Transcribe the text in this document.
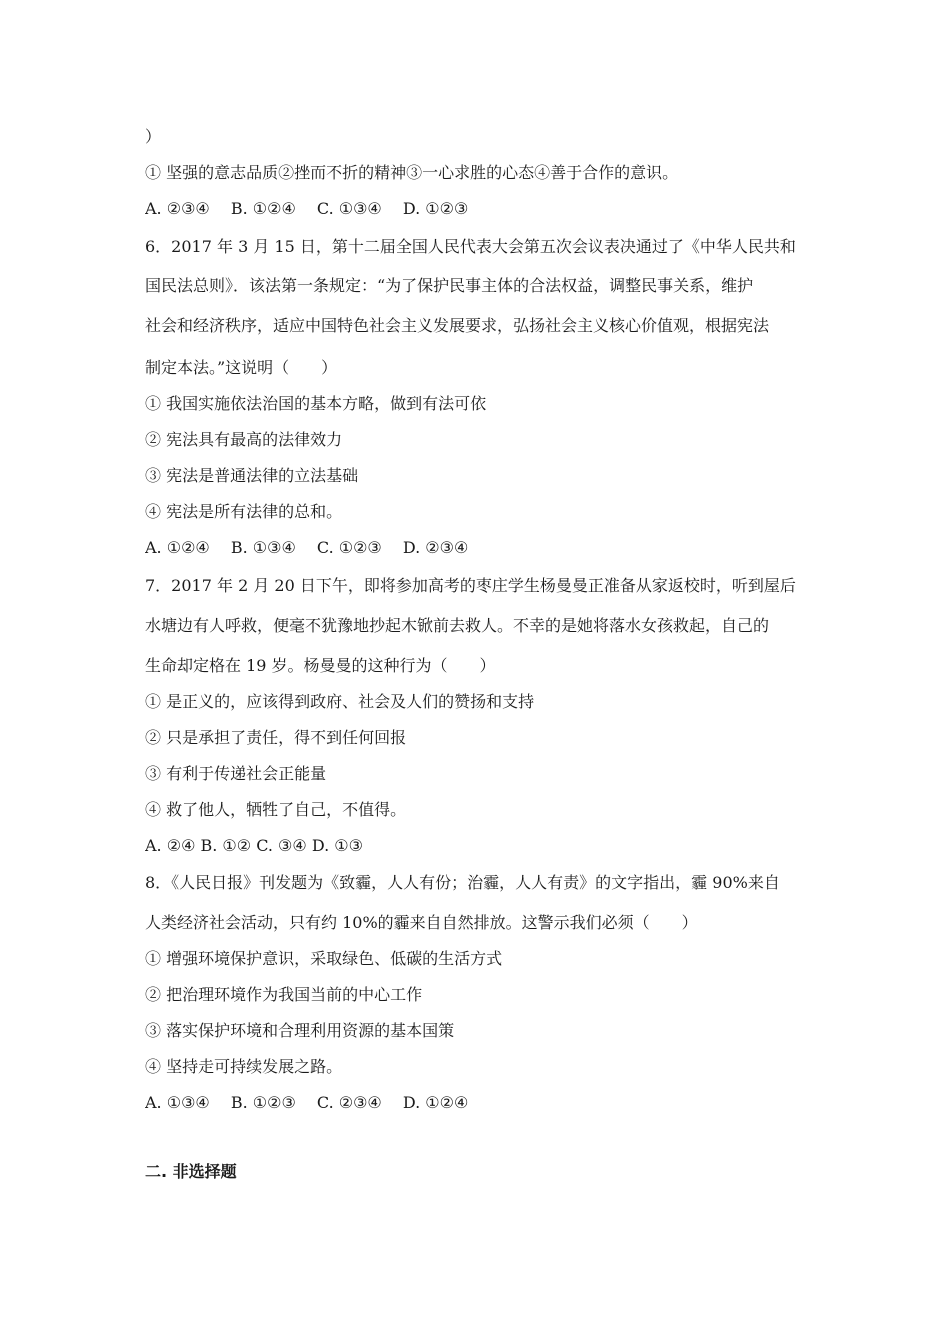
）
① 坚强的意志品质②挫而不折的精神③一心求胜的心态④善于合作的意识。
A. ②③④　 B. ①②④　 C. ①③④　 D. ①②③
6．2017 年 3 月 15 日，第十二届全国人民代表大会第五次会议表决通过了《中华人民共和
国民法总则》．该法第一条规定：“为了保护民事主体的合法权益，调整民事关系，维护
社会和经济秩序，适应中国特色社会主义发展要求，弘扬社会主义核心价值观，根据宪法
制定本法。”这说明（　　）
① 我国实施依法治国的基本方略，做到有法可依
② 宪法具有最高的法律效力
③ 宪法是普通法律的立法基础
④ 宪法是所有法律的总和。
A. ①②④　 B. ①③④　 C. ①②③　 D. ②③④
7．2017 年 2 月 20 日下午，即将参加高考的枣庄学生杨曼曼正准备从家返校时，听到屋后
水塘边有人呼救，便毫不犹豫地抄起木锨前去救人。不幸的是她将落水女孩救起，自己的
生命却定格在 19 岁。杨曼曼的这种行为（　　）
① 是正义的，应该得到政府、社会及人们的赞扬和支持
② 只是承担了责任，得不到任何回报
③ 有利于传递社会正能量
④ 救了他人，牺牲了自己，不值得。
A. ②④ B. ①② C. ③④ D. ①③
8．《人民日报》刊发题为《致霾，人人有份；治霾，人人有责》的文字指出，霾 90%来自
人类经济社会活动，只有约 10%的霾来自自然排放。这警示我们必须（　　）
① 增强环境保护意识，采取绿色、低碳的生活方式
② 把治理环境作为我国当前的中心工作
③ 落实保护环境和合理利用资源的基本国策
④ 坚持走可持续发展之路。
A. ①③④　 B. ①②③　 C. ②③④　 D. ①②④
二. 非选择题
